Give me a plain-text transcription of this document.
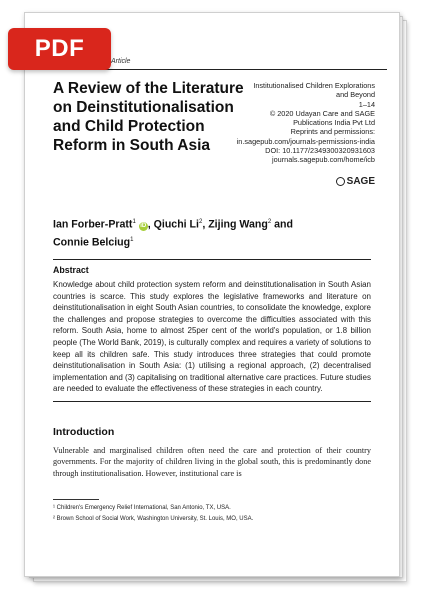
Article
A Review of the Literature on Deinstitutionalisation and Child Protection Reform in South Asia
Institutionalised Children Explorations
and Beyond
1–14
© 2020 Udayan Care and SAGE
Publications India Pvt Ltd
Reprints and permissions:
in.sagepub.com/journals-permissions-india
DOI: 10.1177/2349300320931603
journals.sagepub.com/home/icb
SAGE
Ian Forber-Pratt$^1$ iD , Qiuchi Li$^2$, Zijing Wang$^2$ and
Connie Belciug$^1$
Abstract

Knowledge about child protection system reform and deinstitutionalisation in South Asian countries is scarce. This study explores the legislative frameworks and literature on deinstitutionalisation in eight South Asian countries, to consolidate the knowledge, explore the challenges and propose strategies to overcome the difficulties associated with this reform. South Asia, home to almost 25per cent of the world's population, or 1.8 billion people (The World Bank, 2019), is culturally complex and requires a variety of solutions to keep all its children safe. This study introduces three strategies that could promote deinstitutionalisation in South Asia: (1) utilising a regional approach, (2) decentralised implementation and (3) capitalising on traditional alternative care practices. Future studies are needed to evaluate the effectiveness of these strategies in each country.

Introduction

Vulnerable and marginalised children often need the care and protection of their country governments. For the majority of children living in the global south, this is predominantly done through institutionalisation. However, institutional care is

¹ Children's Emergency Relief International, San Antonio, TX, USA.
² Brown School of Social Work, Washington University, St. Louis, MO, USA.
PDF
